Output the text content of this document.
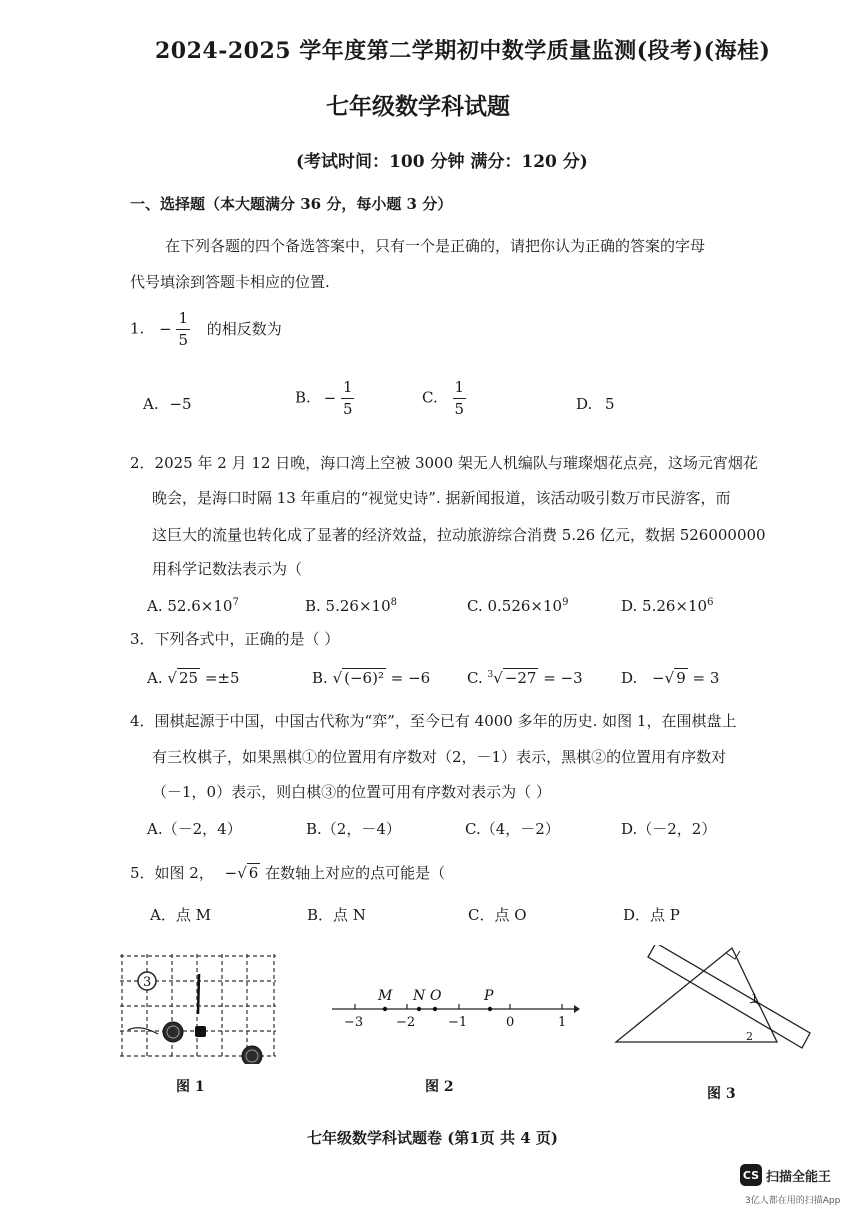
2024-2025 学年度第二学期初中数学质量监测(段考)(海桂)
七年级数学科试题
(考试时间：100 分钟 满分：120 分)
一、选择题（本大题满分 36 分，每小题 3 分）
在下列各题的四个备选答案中，只有一个是正确的，请把你认为正确的答案的字母
代号填涂到答题卡相应的位置.
1. − $\frac{1}{5}$ 的相反数为
A. −5	B. − $\frac{1}{5}$	C. $\frac{1}{5}$	D. 5
2．2025 年 2 月 12 日晚，海口湾上空被 3000 架无人机编队与璀璨烟花点亮，这场元宵烟花
晚会，是海口时隔 13 年重启的“视觉史诗”. 据新闻报道，该活动吸引数万市民游客，而
这巨大的流量也转化成了显著的经济效益，拉动旅游综合消费 5.26 亿元，数据 526000000
用科学记数法表示为（
A. $52.6\times 10^7$	B. $5.26\times 10^8$	C. $0.526\times 10^9$	D. $5.26\times 10^6$
3．下列各式中，正确的是（ ）
A. √ 25 =±5	B. √ (−6)² = −6 C. $^3$√ −27 = −3	D. −√ 9 = 3
4．围棋起源于中国，中国古代称为“弈”，至今已有 4000 多年的历史. 如图 1，在围棋盘上
有三枚棋子，如果黑棋①的位置用有序数对（2，－1）表示，黑棋②的位置用有序数对
（－1，0）表示，则白棋③的位置可用有序数对表示为（ ）
A.（－2，4）	B.（2，－4）	C.（4，－2）	D.（－2，2）
5．如图 2， −√ 6 在数轴上对应的点可能是（
A．点 M	B．点 N	C．点 O	D．点 P
3
图 1
−3	−2	−1	0	1
M N O	P
图 2
1
2
图 3
七年级数学科试题卷 (第1页 共 4 页)
CS 扫描全能王
3亿人都在用的扫描App
